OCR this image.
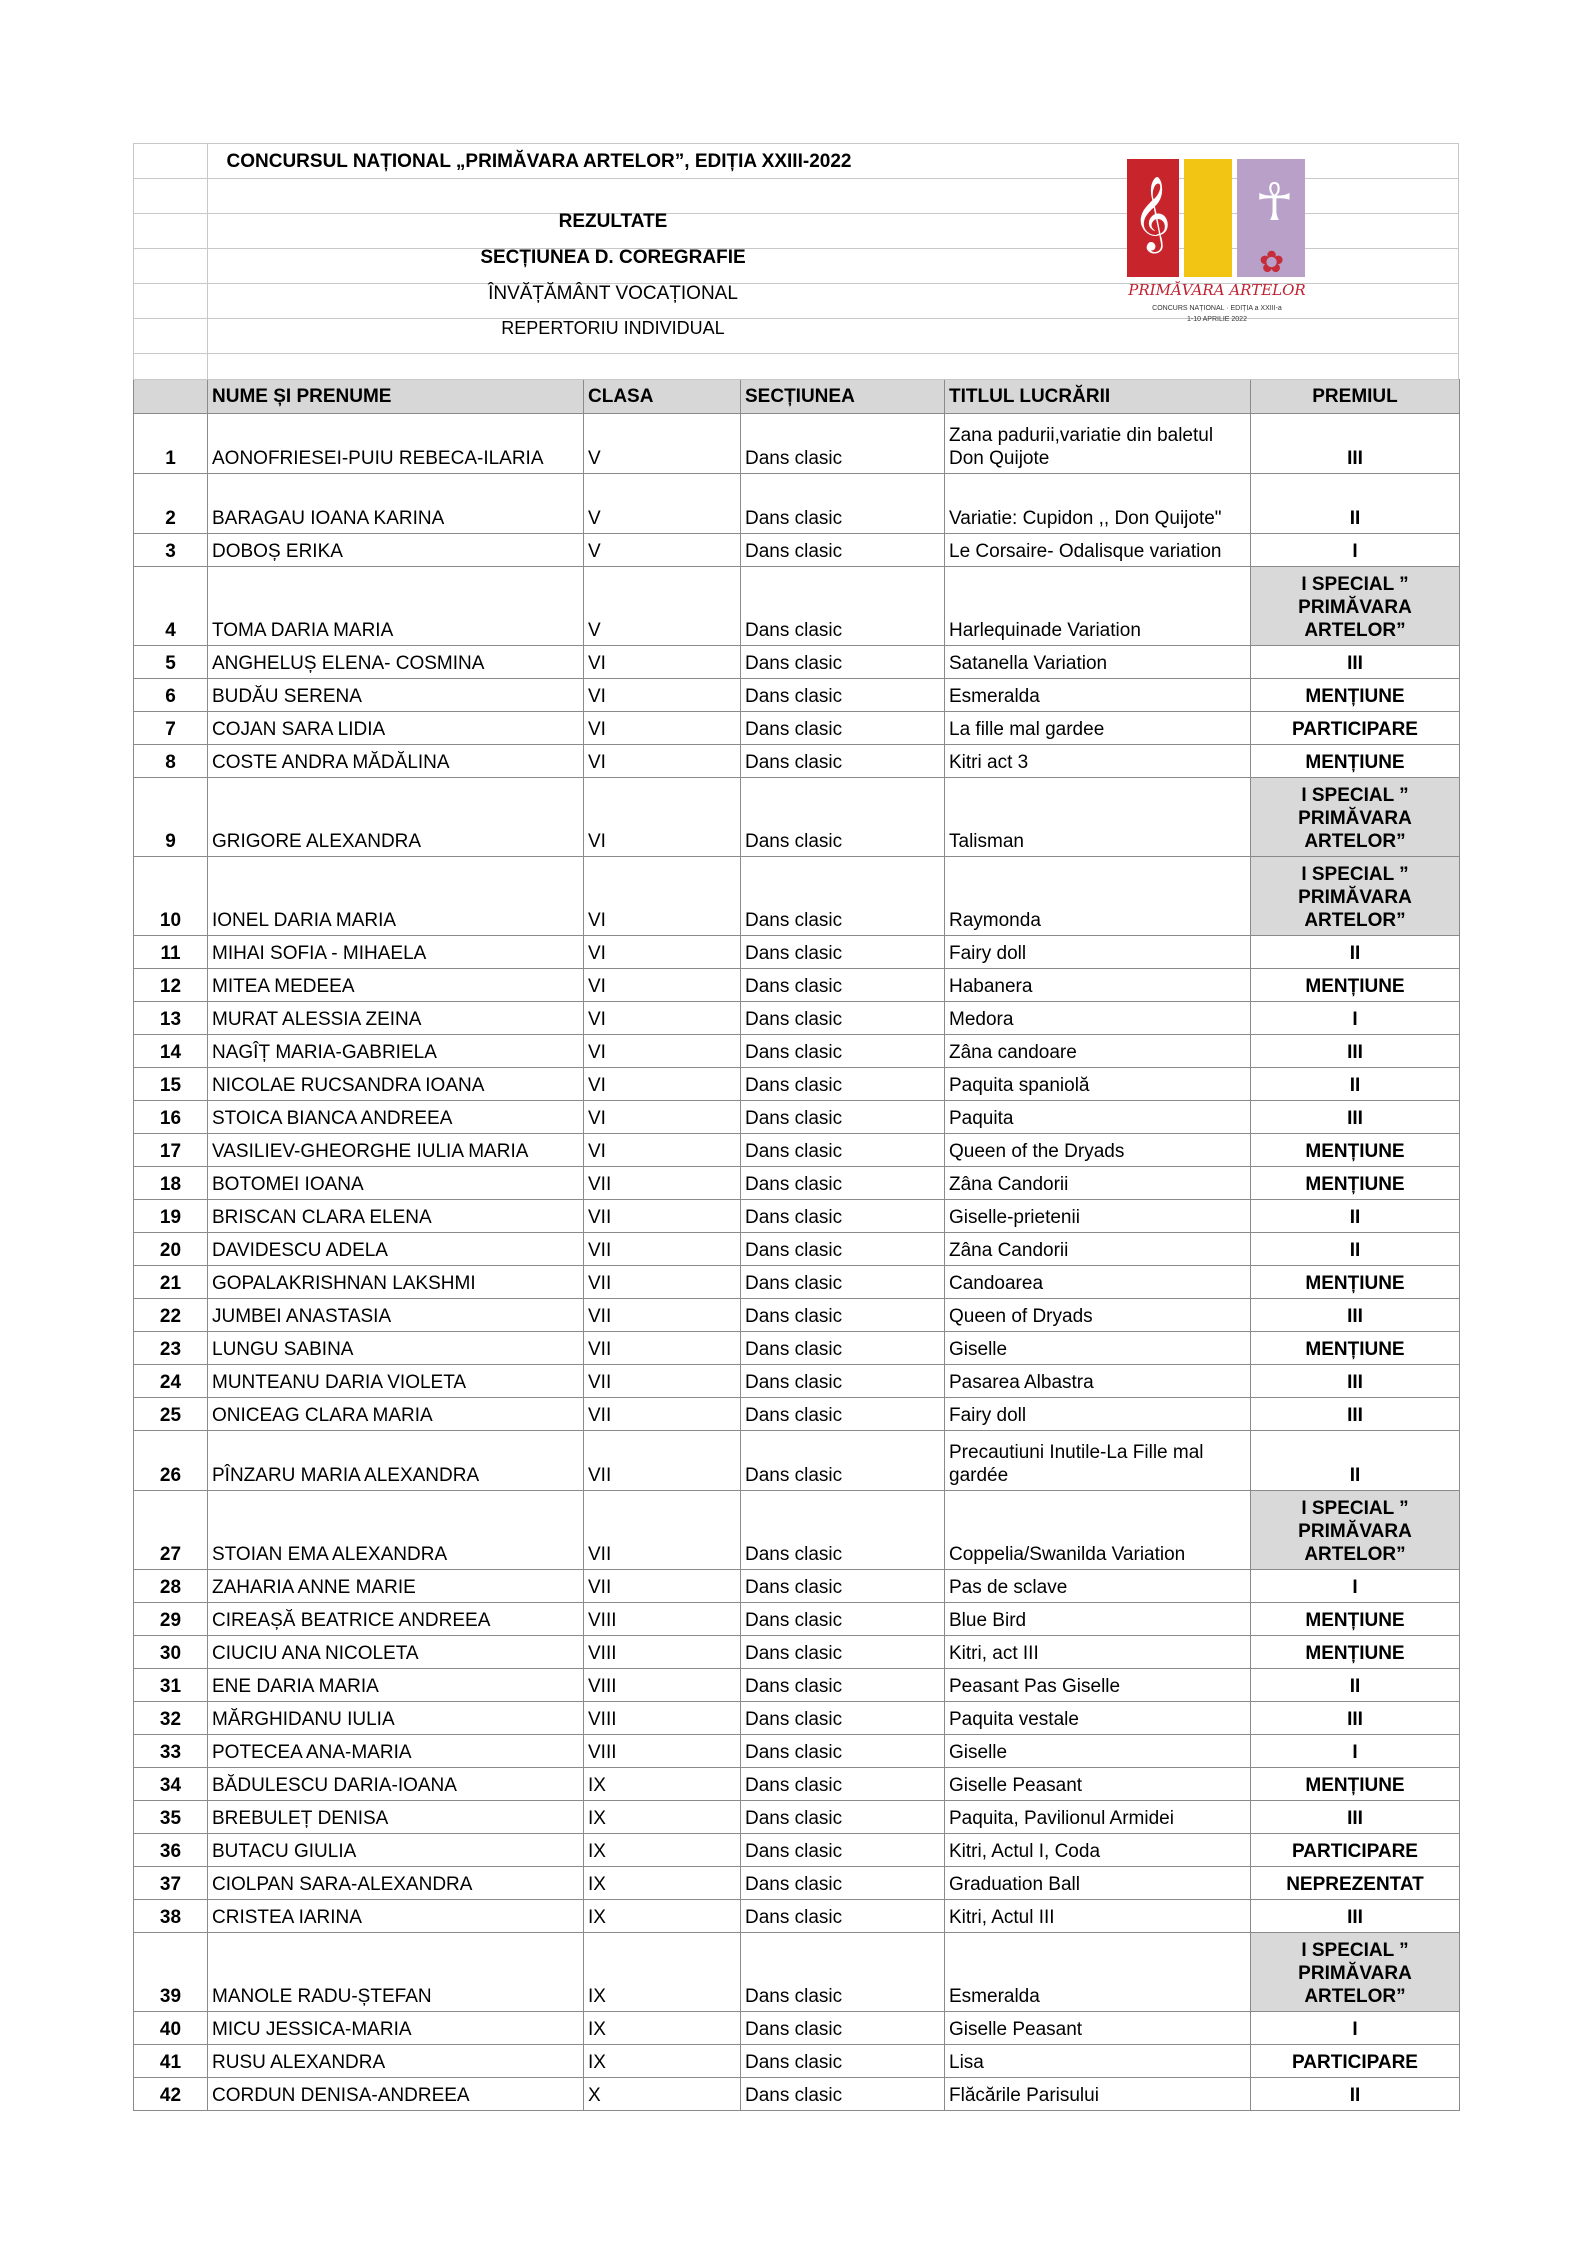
CONCURSUL NAȚIONAL „PRIMĂVARA ARTELOR”, EDIȚIA XXIII-2022
REZULTATE
SECȚIUNEA D. COREGRAFIE
ÎNVĂȚĂMÂNT VOCAȚIONAL
REPERTORIU INDIVIDUAL
𝄞 ☥
✿
PRIMĂVARA ARTELOR
CONCURS NAȚIONAL · EDIȚIA a XXIII-a
1-10 APRILIE 2022
	NUME ȘI PRENUME	CLASA	SECȚIUNEA	TITLUL LUCRĂRII	PREMIUL
1	AONOFRIESEI-PUIU REBECA-ILARIA	V	Dans clasic	Zana padurii,variatie din baletul Don Quijote	III
2	BARAGAU IOANA KARINA	V	Dans clasic	Variatie: Cupidon ,, Don Quijote"	II
3	DOBOȘ ERIKA	V	Dans clasic	Le Corsaire- Odalisque variation	I
4	TOMA DARIA MARIA	V	Dans clasic	Harlequinade Variation	I SPECIAL ” PRIMĂVARA ARTELOR”
5	ANGHELUȘ ELENA- COSMINA	VI	Dans clasic	Satanella Variation	III
6	BUDĂU SERENA	VI	Dans clasic	Esmeralda	MENȚIUNE
7	COJAN SARA LIDIA	VI	Dans clasic	La fille mal gardee	PARTICIPARE
8	COSTE ANDRA MĂDĂLINA	VI	Dans clasic	Kitri act 3	MENȚIUNE
9	GRIGORE ALEXANDRA	VI	Dans clasic	Talisman	I SPECIAL ” PRIMĂVARA ARTELOR”
10	IONEL DARIA MARIA	VI	Dans clasic	Raymonda	I SPECIAL ” PRIMĂVARA ARTELOR”
11	MIHAI SOFIA - MIHAELA	VI	Dans clasic	Fairy doll	II
12	MITEA MEDEEA	VI	Dans clasic	Habanera	MENȚIUNE
13	MURAT ALESSIA ZEINA	VI	Dans clasic	Medora	I
14	NAGÎȚ MARIA-GABRIELA	VI	Dans clasic	Zâna candoare	III
15	NICOLAE RUCSANDRA IOANA	VI	Dans clasic	Paquita spaniolă	II
16	STOICA BIANCA ANDREEA	VI	Dans clasic	Paquita	III
17	VASILIEV-GHEORGHE IULIA MARIA	VI	Dans clasic	Queen of the Dryads	MENȚIUNE
18	BOTOMEI IOANA	VII	Dans clasic	Zâna Candorii	MENȚIUNE
19	BRISCAN CLARA ELENA	VII	Dans clasic	Giselle-prietenii	II
20	DAVIDESCU ADELA	VII	Dans clasic	Zâna Candorii	II
21	GOPALAKRISHNAN LAKSHMI	VII	Dans clasic	Candoarea	MENȚIUNE
22	JUMBEI ANASTASIA	VII	Dans clasic	Queen of Dryads	III
23	LUNGU SABINA	VII	Dans clasic	Giselle	MENȚIUNE
24	MUNTEANU DARIA VIOLETA	VII	Dans clasic	Pasarea Albastra	III
25	ONICEAG CLARA MARIA	VII	Dans clasic	Fairy doll	III
26	PÎNZARU MARIA ALEXANDRA	VII	Dans clasic	Precautiuni Inutile-La Fille mal gardée	II
27	STOIAN EMA ALEXANDRA	VII	Dans clasic	Coppelia/Swanilda Variation	I SPECIAL ” PRIMĂVARA ARTELOR”
28	ZAHARIA ANNE MARIE	VII	Dans clasic	Pas de sclave	I
29	CIREAȘĂ BEATRICE ANDREEA	VIII	Dans clasic	Blue Bird	MENȚIUNE
30	CIUCIU ANA NICOLETA	VIII	Dans clasic	Kitri, act III	MENȚIUNE
31	ENE DARIA MARIA	VIII	Dans clasic	Peasant Pas Giselle	II
32	MĂRGHIDANU IULIA	VIII	Dans clasic	Paquita vestale	III
33	POTECEA ANA-MARIA	VIII	Dans clasic	Giselle	I
34	BĂDULESCU DARIA-IOANA	IX	Dans clasic	Giselle Peasant	MENȚIUNE
35	BREBULEȚ DENISA	IX	Dans clasic	Paquita, Pavilionul Armidei	III
36	BUTACU GIULIA	IX	Dans clasic	Kitri, Actul I, Coda	PARTICIPARE
37	CIOLPAN SARA-ALEXANDRA	IX	Dans clasic	Graduation Ball	NEPREZENTAT
38	CRISTEA IARINA	IX	Dans clasic	Kitri, Actul III	III
39	MANOLE RADU-ȘTEFAN	IX	Dans clasic	Esmeralda	I SPECIAL ” PRIMĂVARA ARTELOR”
40	MICU JESSICA-MARIA	IX	Dans clasic	Giselle Peasant	I
41	RUSU ALEXANDRA	IX	Dans clasic	Lisa	PARTICIPARE
42	CORDUN DENISA-ANDREEA	X	Dans clasic	Flăcările Parisului	II
